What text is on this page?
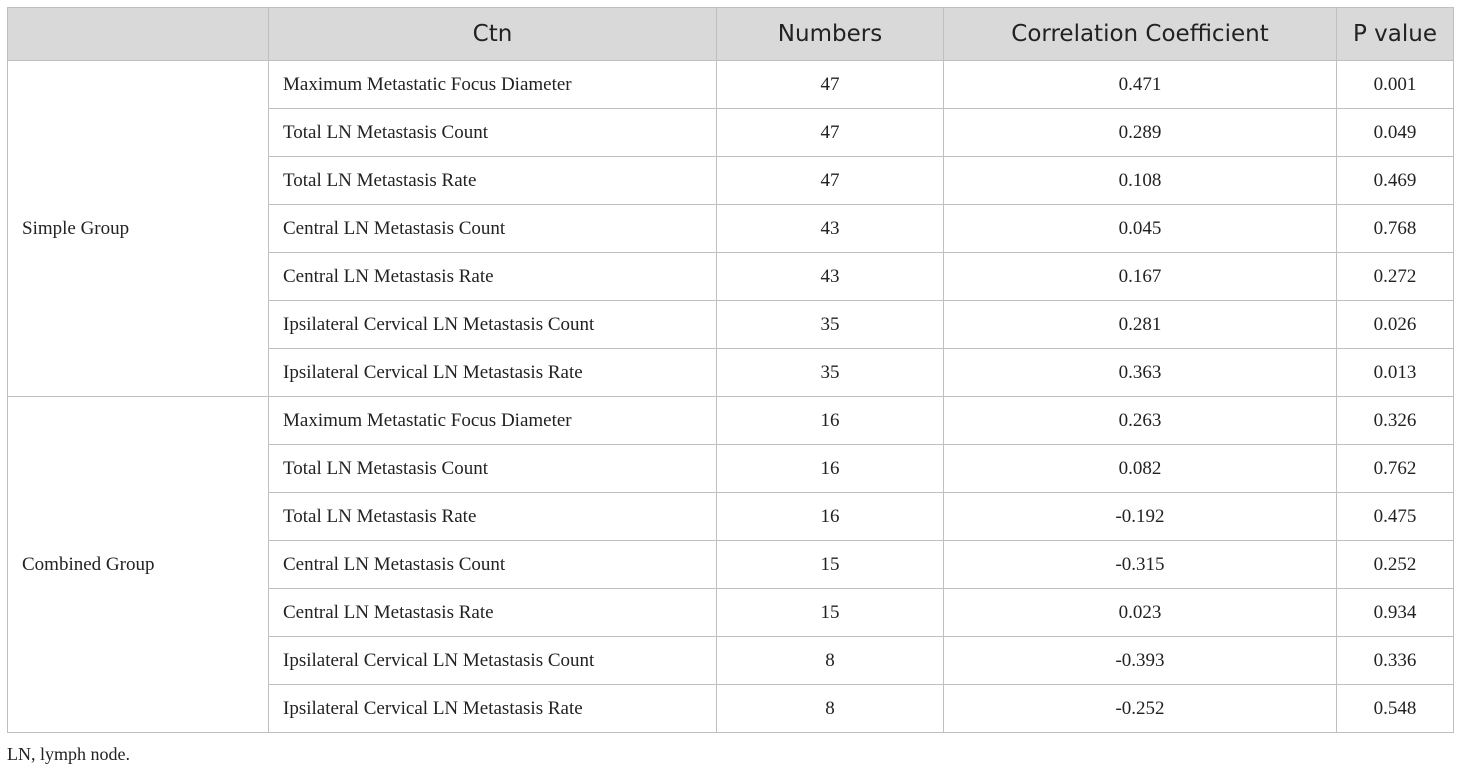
	Ctn	Numbers	Correlation Coefficient	P value
Simple Group	Maximum Metastatic Focus Diameter	47	0.471	0.001
	Total LN Metastasis Count	47	0.289	0.049
	Total LN Metastasis Rate	47	0.108	0.469
	Central LN Metastasis Count	43	0.045	0.768
	Central LN Metastasis Rate	43	0.167	0.272
	Ipsilateral Cervical LN Metastasis Count	35	0.281	0.026
	Ipsilateral Cervical LN Metastasis Rate	35	0.363	0.013
Combined Group	Maximum Metastatic Focus Diameter	16	0.263	0.326
	Total LN Metastasis Count	16	0.082	0.762
	Total LN Metastasis Rate	16	-0.192	0.475
	Central LN Metastasis Count	15	-0.315	0.252
	Central LN Metastasis Rate	15	0.023	0.934
	Ipsilateral Cervical LN Metastasis Count	8	-0.393	0.336
	Ipsilateral Cervical LN Metastasis Rate	8	-0.252	0.548
LN, lymph node.
